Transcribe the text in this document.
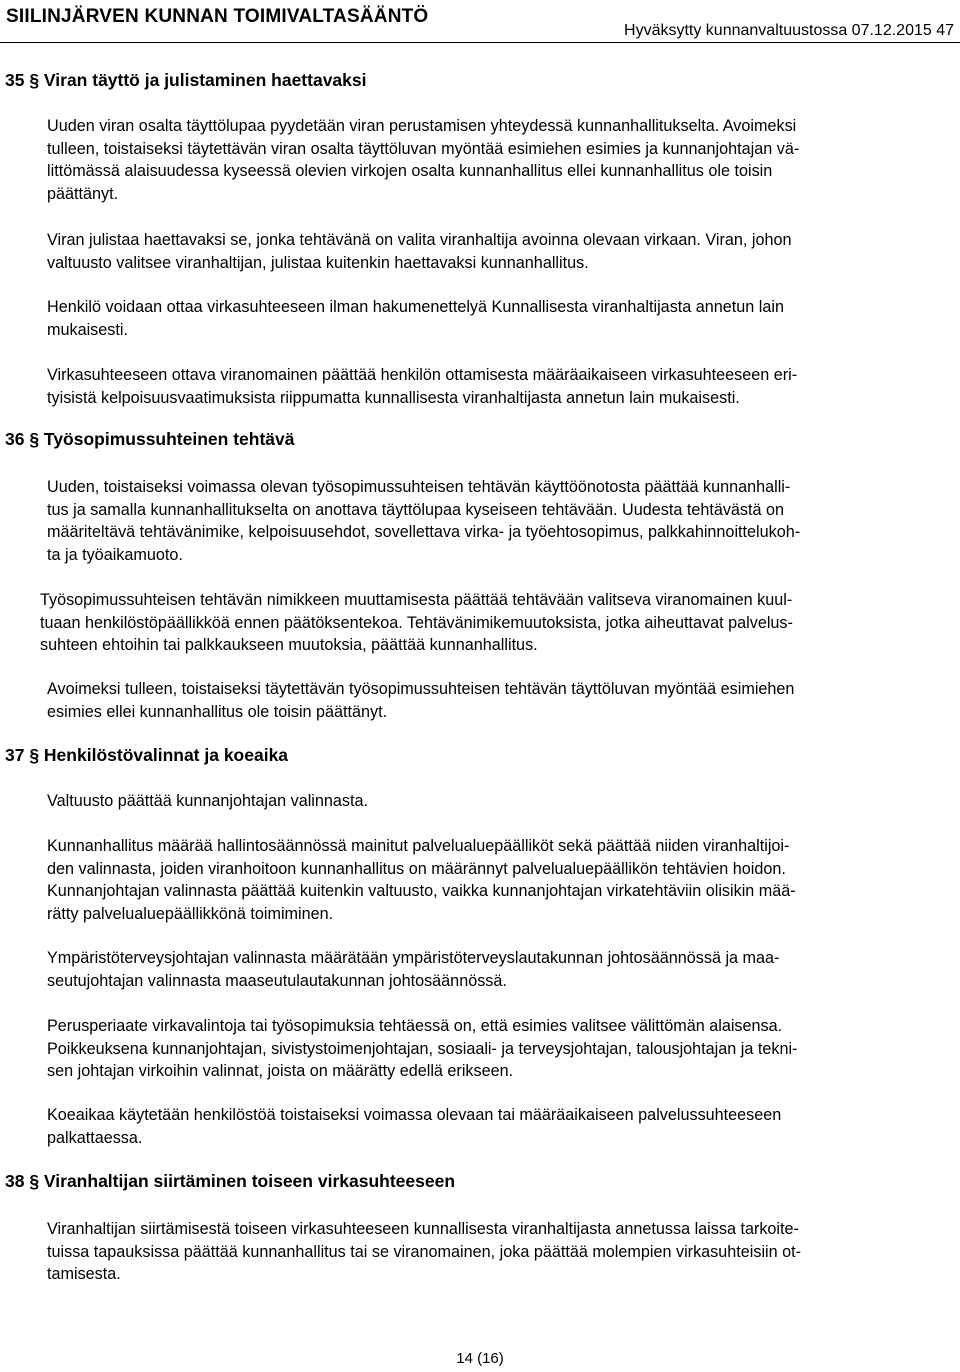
SIILINJÄRVEN KUNNAN TOIMIVALTASÄÄNTÖ
Hyväksytty kunnanvaltuustossa 07.12.2015 47
35 § Viran täyttö ja julistaminen haettavaksi
Uuden viran osalta täyttölupaa pyydetään viran perustamisen yhteydessä kunnanhallitukselta. Avoimeksi
tulleen, toistaiseksi täytettävän viran osalta täyttöluvan myöntää esimiehen esimies ja kunnanjohtajan vä-
littömässä alaisuudessa kyseessä olevien virkojen osalta kunnanhallitus ellei kunnanhallitus ole toisin
päättänyt.
Viran julistaa haettavaksi se, jonka tehtävänä on valita viranhaltija avoinna olevaan virkaan. Viran, johon
valtuusto valitsee viranhaltijan, julistaa kuitenkin haettavaksi kunnanhallitus.
Henkilö voidaan ottaa virkasuhteeseen ilman hakumenettelyä Kunnallisesta viranhaltijasta annetun lain
mukaisesti.
Virkasuhteeseen ottava viranomainen päättää henkilön ottamisesta määräaikaiseen virkasuhteeseen eri-
tyisistä kelpoisuusvaatimuksista riippumatta kunnallisesta viranhaltijasta annetun lain mukaisesti.
36 § Työsopimussuhteinen tehtävä
Uuden, toistaiseksi voimassa olevan työsopimussuhteisen tehtävän käyttöönotosta päättää kunnanhalli-
tus ja samalla kunnanhallitukselta on anottava täyttölupaa kyseiseen tehtävään. Uudesta tehtävästä on
määriteltävä tehtävänimike, kelpoisuusehdot, sovellettava virka- ja työehtosopimus, palkkahinnoittelukoh-
ta ja työaikamuoto.
Työsopimussuhteisen tehtävän nimikkeen muuttamisesta päättää tehtävään valitseva viranomainen kuul-
tuaan henkilöstöpäällikköä ennen päätöksentekoa. Tehtävänimikemuutoksista, jotka aiheuttavat palvelus-
suhteen ehtoihin tai palkkaukseen muutoksia, päättää kunnanhallitus.
Avoimeksi tulleen, toistaiseksi täytettävän työsopimussuhteisen tehtävän täyttöluvan myöntää esimiehen
esimies ellei kunnanhallitus ole toisin päättänyt.
37 § Henkilöstövalinnat ja koeaika
Valtuusto päättää kunnanjohtajan valinnasta.
Kunnanhallitus määrää hallintosäännössä mainitut palvelualuepäälliköt sekä päättää niiden viranhaltijoi-
den valinnasta, joiden viranhoitoon kunnanhallitus on määrännyt palvelualuepäällikön tehtävien hoidon.
Kunnanjohtajan valinnasta päättää kuitenkin valtuusto, vaikka kunnanjohtajan virkatehtäviin olisikin mää-
rätty palvelualuepäällikkönä toimiminen.
Ympäristöterveysjohtajan valinnasta määrätään ympäristöterveyslautakunnan johtosäännössä ja maa-
seutujohtajan valinnasta maaseutulautakunnan johtosäännössä.
Perusperiaate virkavalintoja tai työsopimuksia tehtäessä on, että esimies valitsee välittömän alaisensa.
Poikkeuksena kunnanjohtajan, sivistystoimenjohtajan, sosiaali- ja terveysjohtajan, talousjohtajan ja tekni-
sen johtajan virkoihin valinnat, joista on määrätty edellä erikseen.
Koeaikaa käytetään henkilöstöä toistaiseksi voimassa olevaan tai määräaikaiseen palvelussuhteeseen
palkattaessa.
38 § Viranhaltijan siirtäminen toiseen virkasuhteeseen
Viranhaltijan siirtämisestä toiseen virkasuhteeseen kunnallisesta viranhaltijasta annetussa laissa tarkoite-
tuissa tapauksissa päättää kunnanhallitus tai se viranomainen, joka päättää molempien virkasuhteisiin ot-
tamisesta.
14 (16)
